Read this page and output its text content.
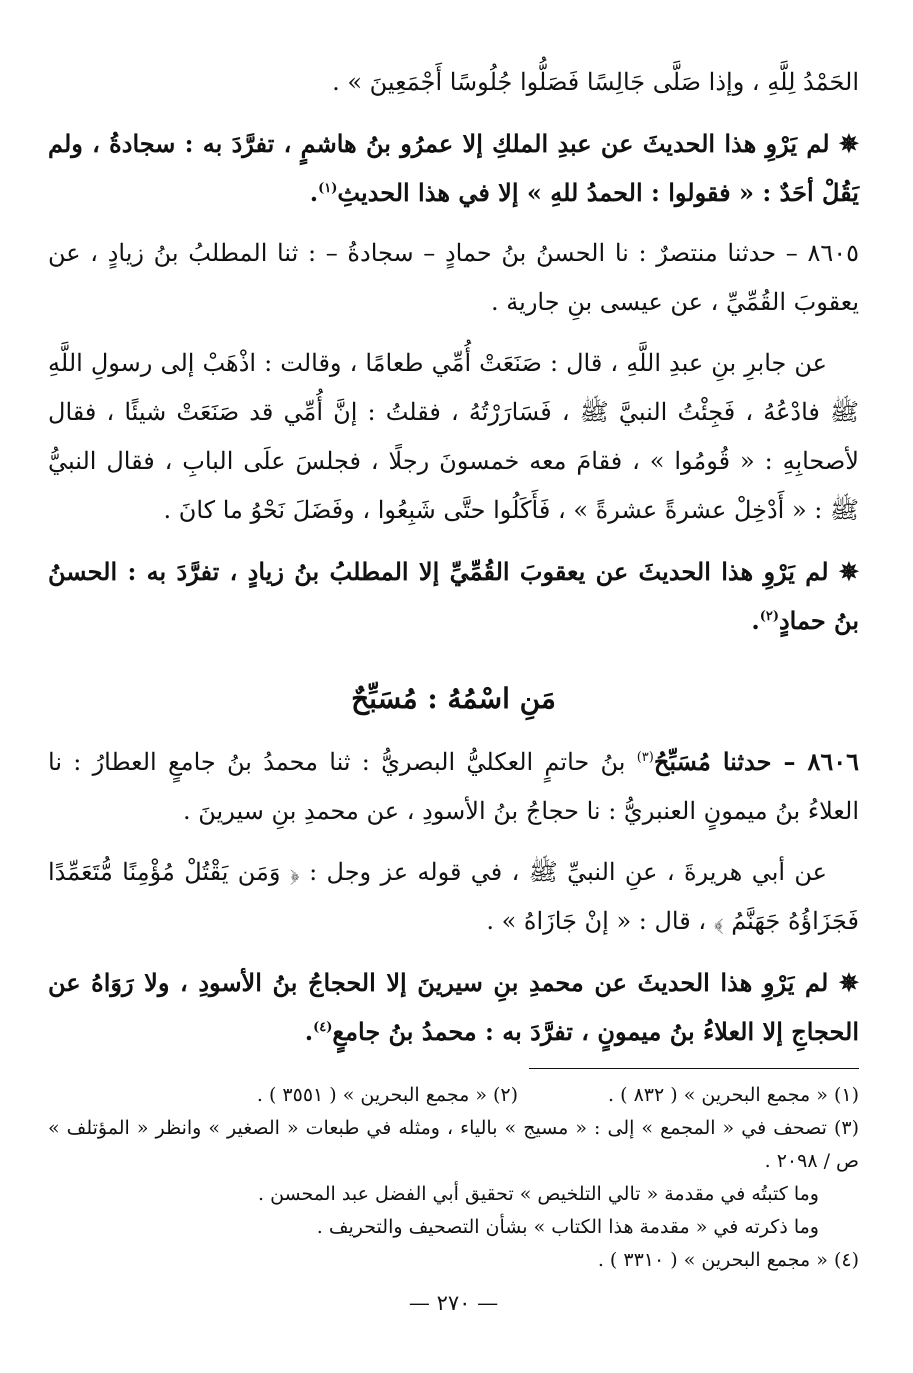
الحَمْدُ لِلَّهِ ، وإذا صَلَّى جَالِسًا فَصَلُّوا جُلُوسًا أَجْمَعِينَ » .

✵ لم يَرْوِ هذا الحديثَ عن عبدِ الملكِ إلا عمرُو بنُ هاشمٍ ، تفرَّدَ به : سجادةُ ، ولم يَقُلْ أحَدٌ : « فقولوا : الحمدُ للهِ » إلا في هذا الحديثِ$^{(١)}$.

٨٦٠٥ – حدثنا منتصرٌ : نا الحسنُ بنُ حمادٍ – سجادةُ – : ثنا المطلبُ بنُ زيادٍ ، عن يعقوبَ القُمِّيِّ ، عن عيسى بنِ جارية .

عن جابرِ بنِ عبدِ اللَّهِ ، قال : صَنَعَتْ أُمِّي طعامًا ، وقالت : اذْهَبْ إلى رسولِ اللَّهِ ﷺ فادْعُهُ ، فَجِئْتُ النبيَّ ﷺ ، فَسَارَرْتُهُ ، فقلتُ : إنَّ أُمِّي قد صَنَعَتْ شيئًا ، فقال لأصحابِهِ : « قُومُوا » ، فقامَ معه خمسونَ رجلًا ، فجلسَ علَى البابِ ، فقال النبيُّ ﷺ : « أَدْخِلْ عشرةً عشرةً » ، فَأَكَلُوا حتَّى شَبِعُوا ، وفَضَلَ نَحْوُ ما كانَ .

✵ لم يَرْوِ هذا الحديثَ عن يعقوبَ القُمِّيِّ إلا المطلبُ بنُ زيادٍ ، تفرَّدَ به : الحسنُ بنُ حمادٍ$^{(٢)}$.

مَنِ اسْمُهُ : مُسَبِّحٌ

٨٦٠٦ – حدثنا مُسَبِّحُ$^{(٣)}$ بنُ حاتمٍ العكليُّ البصريُّ : ثنا محمدُ بنُ جامعٍ العطارُ : نا العلاءُ بنُ ميمونٍ العنبريُّ : نا حجاجُ بنُ الأسودِ ، عن محمدِ بنِ سيرينَ .

عن أبي هريرةَ ، عنِ النبيِّ ﷺ ، في قوله عز وجل : ﴿ وَمَن يَقْتُلْ مُؤْمِنًا مُّتَعَمِّدًا فَجَزَاؤُهُ جَهَنَّمُ ﴾ ، قال : « إنْ جَازَاهُ » .

✵ لم يَرْوِ هذا الحديثَ عن محمدِ بنِ سيرينَ إلا الحجاجُ بنُ الأسودِ ، ولا رَوَاهُ عن الحجاجِ إلا العلاءُ بنُ ميمونٍ ، تفرَّدَ به : محمدُ بنُ جامعٍ$^{(٤)}$.

(١) « مجمع البحرين » ( ٨٣٢ ) .
(٢) « مجمع البحرين » ( ٣٥٥١ ) .

(٣) تصحف في « المجمع » إلى : « مسيج » بالياء ، ومثله في طبعات « الصغير » وانظر « المؤتلف » ص / ٢٠٩٨ .

وما كتبتُه في مقدمة « تالي التلخيص » تحقيق أبي الفضل عبد المحسن .

وما ذكرته في « مقدمة هذا الكتاب » بشأن التصحيف والتحريف .

(٤) « مجمع البحرين » ( ٣٣١٠ ) .

— ٢٧٠ —
